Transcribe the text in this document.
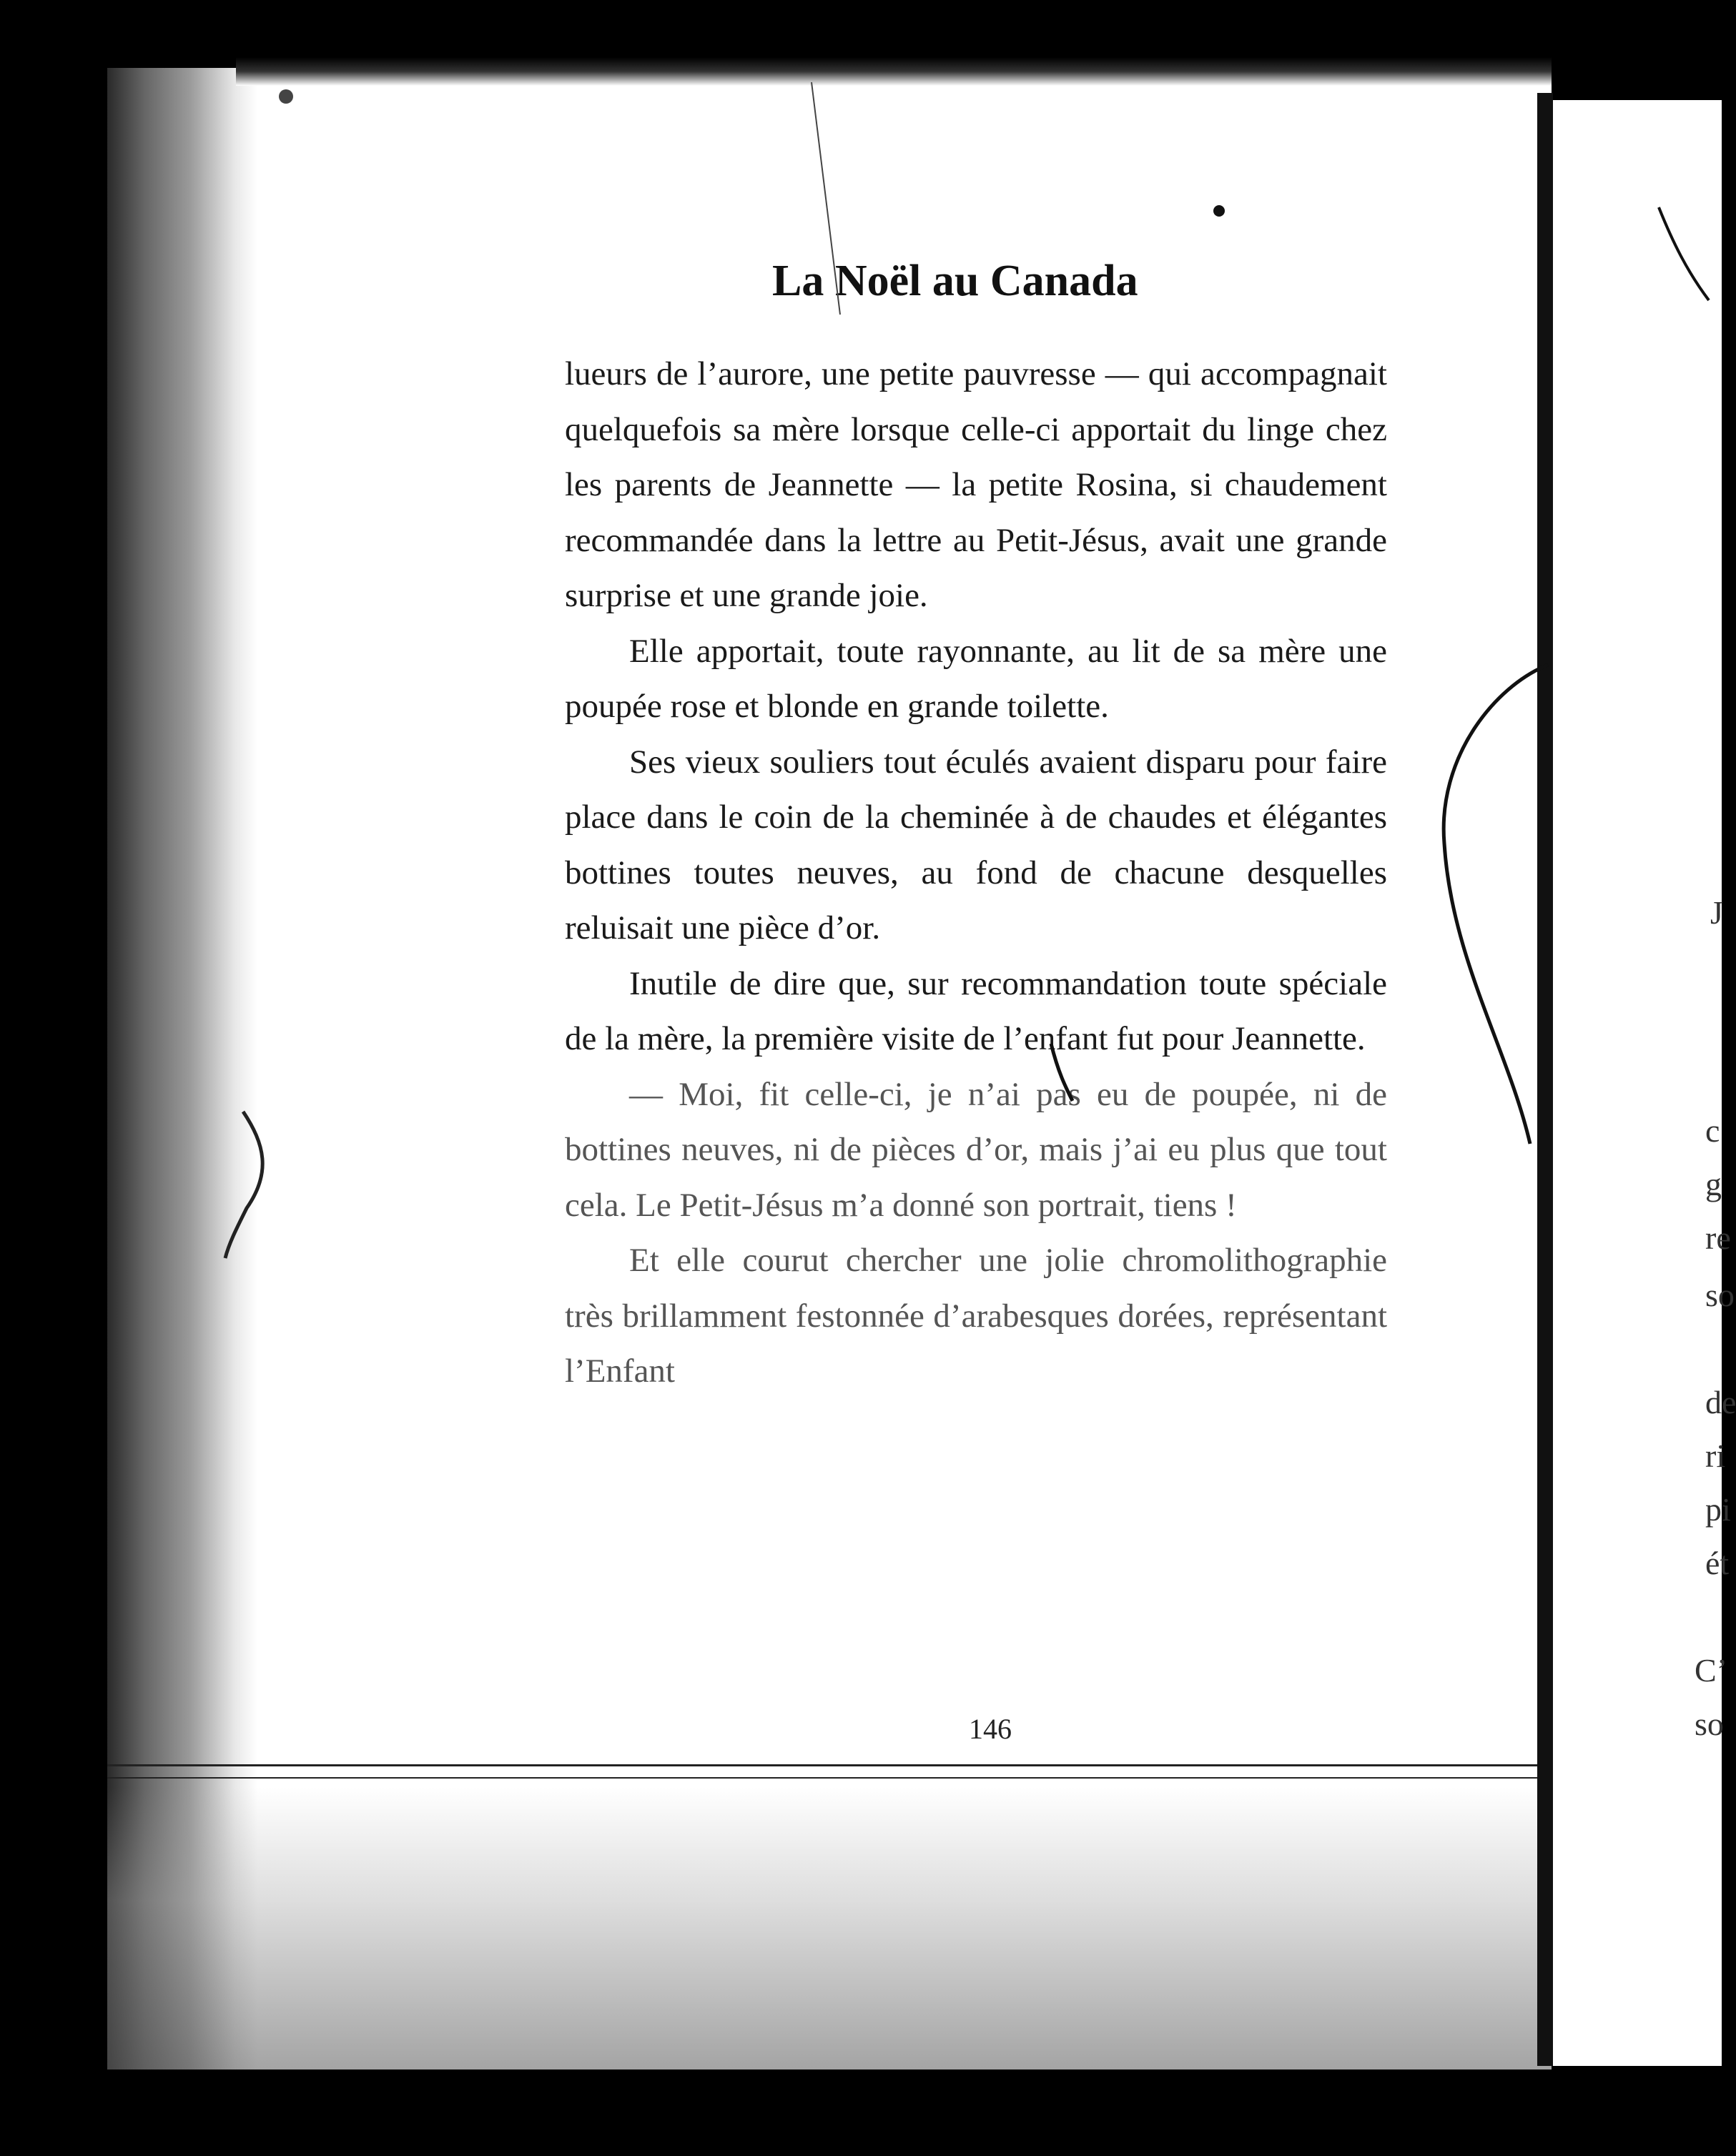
La Noël au Canada

lueurs de l’aurore, une petite pauvresse — qui accompagnait quelquefois sa mère lorsque celle-ci apportait du linge chez les parents de Jeannette — la petite Rosina, si chaudement recommandée dans la lettre au Petit-Jésus, avait une grande surprise et une grande joie.

Elle apportait, toute rayonnante, au lit de sa mère une poupée rose et blonde en grande toilette.

Ses vieux souliers tout éculés avaient disparu pour faire place dans le coin de la cheminée à de chaudes et élégantes bottines toutes neuves, au fond de chacune desquelles reluisait une pièce d’or.

Inutile de dire que, sur recommandation toute spéciale de la mère, la première visite de l’enfant fut pour Jeannette.

— Moi, fit celle-ci, je n’ai pas eu de poupée, ni de bottines neuves, ni de pièces d’or, mais j’ai eu plus que tout cela. Le Petit-Jésus m’a donné son portrait, tiens !

Et elle courut chercher une jolie chromolithographie très brillamment festonnée d’arabesques dorées, représentant l’Enfant

146
J
c
g
re
so
de
ri
pi
ét
C’
so
